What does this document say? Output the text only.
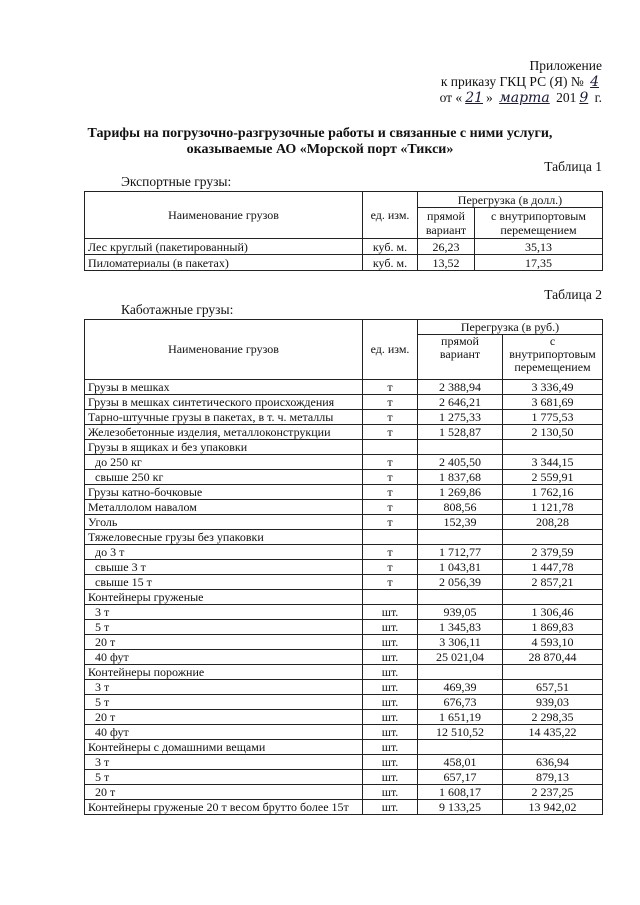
Приложение
к приказу ГКЦ РС (Я) № 4
от « 21 » марта 201 9 г.
Тарифы на погрузочно-разгрузочные работы и связанные с ними услуги,
оказываемые АО «Морской порт «Тикси»
Таблица 1
Экспортные грузы:
Наименование грузов	ед. изм.	Перегрузка (в долл.)	
		прямой вариант	с внутрипортовым перемещением
Лес круглый (пакетированный)	куб. м.	26,23	35,13
Пиломатериалы (в пакетах)	куб. м.	13,52	17,35
Таблица 2
Каботажные грузы:
Наименование грузов	ед. изм.	Перегрузка (в руб.)	
		прямой вариант	с внутрипортовым перемещением
Грузы в мешках	т	2 388,94	3 336,49
Грузы в мешках синтетического происхождения	т	2 646,21	3 681,69
Тарно-штучные грузы в пакетах, в т. ч. металлы	т	1 275,33	1 775,53
Железобетонные изделия, металлоконструкции	т	1 528,87	2 130,50
Грузы в ящиках и без упаковки			
до 250 кг	т	2 405,50	3 344,15
свыше 250 кг	т	1 837,68	2 559,91
Грузы катно-бочковые	т	1 269,86	1 762,16
Металлолом навалом	т	808,56	1 121,78
Уголь	т	152,39	208,28
Тяжеловесные грузы без упаковки			
до 3 т	т	1 712,77	2 379,59
свыше 3 т	т	1 043,81	1 447,78
свыше 15 т	т	2 056,39	2 857,21
Контейнеры груженые			
3 т	шт.	939,05	1 306,46
5 т	шт.	1 345,83	1 869,83
20 т	шт.	3 306,11	4 593,10
40 фут	шт.	25 021,04	28 870,44
Контейнеры порожние	шт.		
3 т	шт.	469,39	657,51
5 т	шт.	676,73	939,03
20 т	шт.	1 651,19	2 298,35
40 фут	шт.	12 510,52	14 435,22
Контейнеры с домашними вещами	шт.		
3 т	шт.	458,01	636,94
5 т	шт.	657,17	879,13
20 т	шт.	1 608,17	2 237,25
Контейнеры груженые 20 т весом брутто более 15т	шт.	9 133,25	13 942,02
